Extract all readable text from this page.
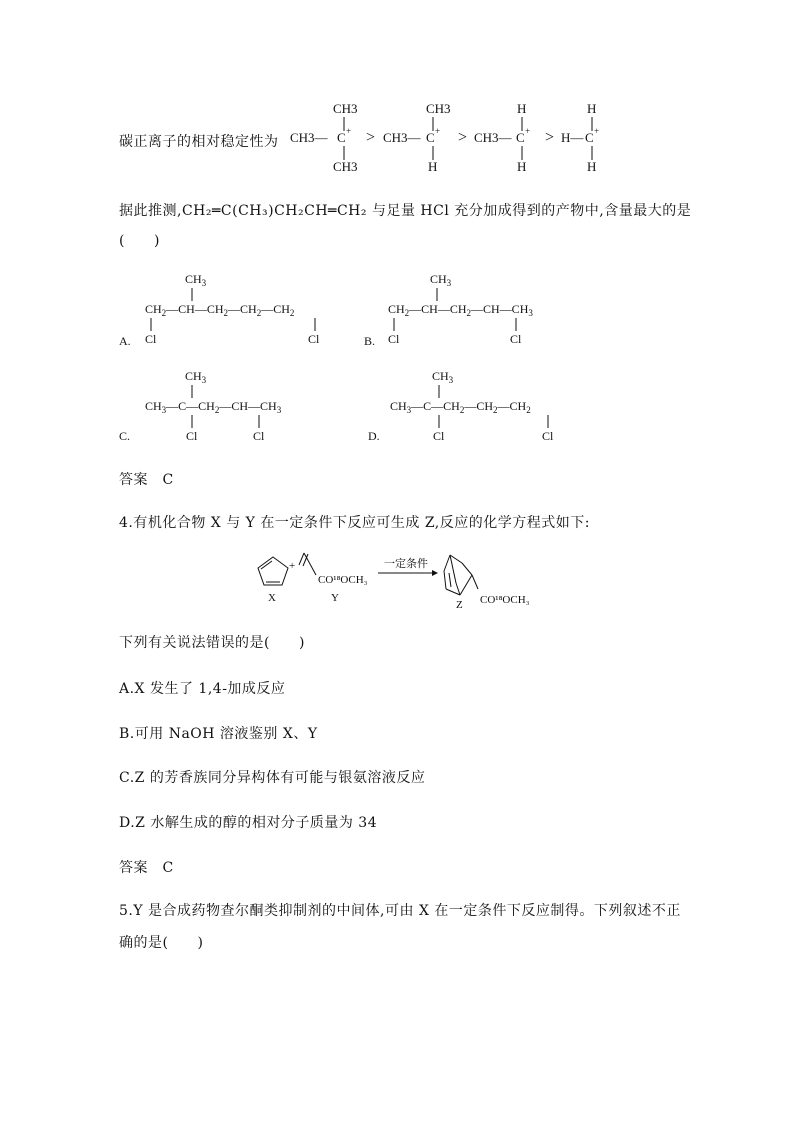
碳正离子的相对稳定性为
CH3
CH3— C +
CH3
>
CH3
CH3— C +
H
>
H
CH3— C +
H
>
H
H— C +
H
据此推测,CH₂═C(CH₃)CH₂CH═CH₂ 与足量 HCl 充分加成得到的产物中,含量最大的是
(　　)
A.
$CH_3$
$CH_2—CH—CH_2—CH_2—CH_2$
Cl	Cl	B.
$CH_3$
$CH_2—CH—CH_2—CH—CH_3$
Cl	Cl
C.
$CH_3$
$CH_3—C—CH_2—CH—CH_3$
Cl	Cl	D.
$CH_3$
$CH_3—C—CH_2—CH_2—CH_2$
Cl	Cl
答案　C
4.有机化合物 X 与 Y 在一定条件下反应可生成 Z,反应的化学方程式如下:
+
X
CO¹⁸OCH₃
Y
一定条件
Z CO¹⁸OCH₃
下列有关说法错误的是(　　)
A.X 发生了 1,4-加成反应
B.可用 NaOH 溶液鉴别 X、Y
C.Z 的芳香族同分异构体有可能与银氨溶液反应
D.Z 水解生成的醇的相对分子质量为 34
答案　C
5.Y 是合成药物查尔酮类抑制剂的中间体,可由 X 在一定条件下反应制得。下列叙述不正
确的是(　　)
